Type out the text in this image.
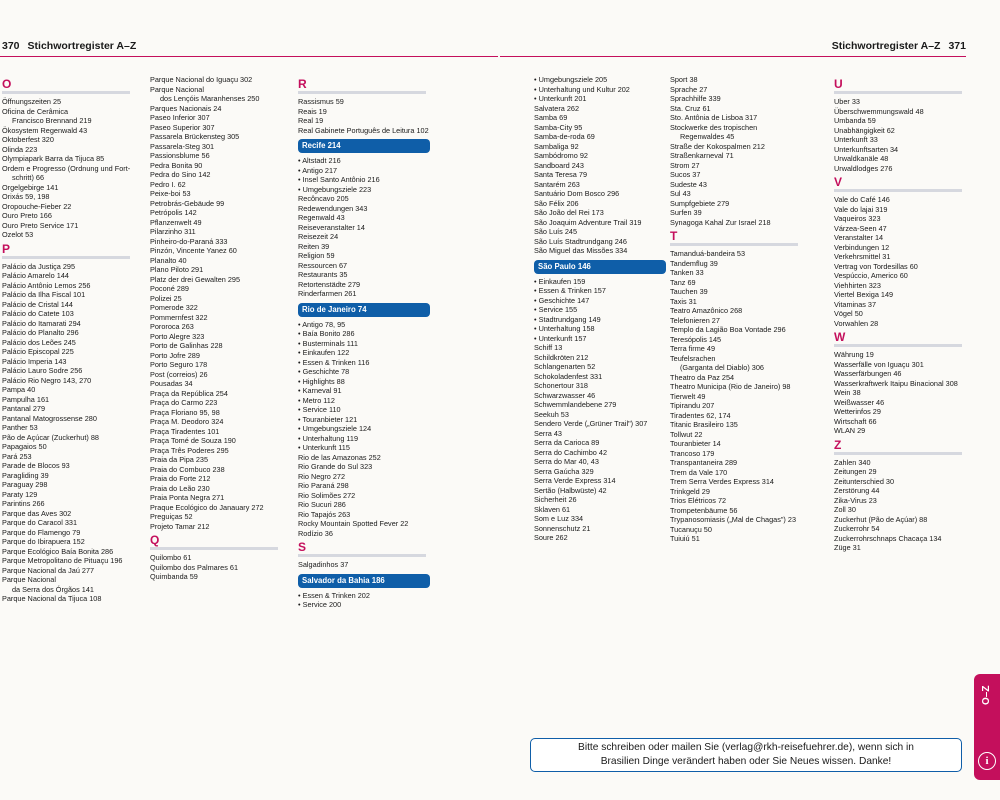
370 Stichwortregister A–Z
O
Öffnungszeiten 25
Oficina de Cerâmica
Francisco Brennand 219
Ökosystem Regenwald 43
Oktoberfest 320
Olinda 223
Olympiapark Barra da Tijuca 85
Ordem e Progresso (Ordnung und Fort-
schritt) 66
Orgelgebirge 141
Orixás 59, 198
Oropouche-Fieber 22
Ouro Preto 166
Ouro Preto Service 171
Ozelot 53
P
Palácio da Justiça 295
Palácio Amarelo 144
Palácio Antônio Lemos 256
Palácio da Ilha Fiscal 101
Palácio de Cristal 144
Palácio do Catete 103
Palácio do Itamarati 294
Palácio do Planalto 296
Palácio dos Leões 245
Palácio Episcopal 225
Palácio Imperia 143
Palácio Lauro Sodre 256
Palácio Rio Negro 143, 270
Pampa 40
Pampulha 161
Pantanal 279
Pantanal Matogrossense 280
Panther 53
Pão de Açúcar (Zuckerhut) 88
Papagaios 50
Pará 253
Parade de Blocos 93
Paragliding 39
Paraguay 298
Paraty 129
Parintins 266
Parque das Aves 302
Parque do Caracol 331
Parque do Flamengo 79
Parque do Ibirapuera 152
Parque Ecológico Baía Bonita 286
Parque Metropolitano de Pituaçu 196
Parque Nacional da Jaú 277
Parque Nacional
da Serra dos Órgãos 141
Parque Nacional da Tijuca 108
Parque Nacional do Iguaçu 302
Parque Nacional
dos Lençóis Maranhenses 250
Parques Nacionais 24
Paseo Inferior 307
Paseo Superior 307
Passarela Brückensteg 305
Passarela-Steg 301
Passionsblume 56
Pedra Bonita 90
Pedra do Sino 142
Pedro I. 62
Peixe-boi 53
Petrobrás-Gebäude 99
Petrópolis 142
Pflanzenwelt 49
Pilarzinho 311
Pinheiro-do-Paraná 333
Pinzón, Vincente Yanez 60
Planalto 40
Plano Piloto 291
Platz der drei Gewalten 295
Poconé 289
Polizei 25
Pomerode 322
Pommernfest 322
Pororoca 263
Porto Alegre 323
Porto de Galinhas 228
Porto Jofre 289
Porto Seguro 178
Post (correios) 26
Pousadas 34
Praça da República 254
Praça do Carmo 223
Praça Floriano 95, 98
Praça M. Deodoro 324
Praça Tiradentes 101
Praça Tomé de Souza 190
Praça Três Poderes 295
Praia da Pipa 235
Praia do Combuco 238
Praia do Forte 212
Praia do Leão 230
Praia Ponta Negra 271
Praque Ecológico do Janauary 272
Preguiças 52
Projeto Tamar 212
Q
Quilombo 61
Quilombo dos Palmares 61
Quimbanda 59
R
Rassismus 59
Reais 19
Real 19
Real Gabinete Português de Leitura 102
Recife 214
• Altstadt 216
• Antigo 217
• Insel Santo Antônio 216
• Umgebungsziele 223
Recôncavo 205
Redewendungen 343
Regenwald 43
Reiseveranstalter 14
Reisezeit 24
Reiten 39
Religion 59
Ressourcen 67
Restaurants 35
Retortenstädte 279
Rinderfarmen 261
Rio de Janeiro 74
• Antigo 78, 95
• Baía Bonito 286
• Busterminals 111
• Einkaufen 122
• Essen & Trinken 116
• Geschichte 78
• Highlights 88
• Karneval 91
• Metro 112
• Service 110
• Touranbieter 121
• Umgebungsziele 124
• Unterhaltung 119
• Unterkunft 115
Rio de las Amazonas 252
Rio Grande do Sul 323
Rio Negro 272
Rio Paraná 298
Rio Solimões 272
Rio Sucuri 286
Rio Tapajós 263
Rocky Mountain Spotted Fever 22
Rodízio 36
S
Salgadinhos 37
Salvador da Bahia 186
• Essen & Trinken 202
• Service 200
Stichwortregister A–Z 371
• Umgebungsziele 205
• Unterhaltung und Kultur 202
• Unterkunft 201
Salvatera 262
Samba 69
Samba-City 95
Samba-de-roda 69
Sambaliga 92
Sambódromo 92
Sandboard 243
Santa Teresa 79
Santarém 263
Santuário Dom Bosco 296
São Félix 206
São João del Rei 173
São Joaquim Adventure Trail 319
São Luís 245
São Luís Stadtrundgang 246
São Miguel das Missões 334
São Paulo 146
• Einkaufen 159
• Essen & Trinken 157
• Geschichte 147
• Service 155
• Stadtrundgang 149
• Unterhaltung 158
• Unterkunft 157
Schiff 13
Schildkröten 212
Schlangenarten 52
Schokoladenfest 331
Schonertour 318
Schwarzwasser 46
Schwemmlandebene 279
Seekuh 53
Sendero Verde („Grüner Trail") 307
Serra 43
Serra da Carioca 89
Serra do Cachimbo 42
Serra do Mar 40, 43
Serra Gaúcha 329
Serra Verde Express 314
Sertão (Halbwüste) 42
Sicherheit 26
Sklaven 61
Som e Luz 334
Sonnenschutz 21
Soure 262
Sport 38
Sprache 27
Sprachhilfe 339
Sta. Cruz 61
Sto. Antônia de Lisboa 317
Stockwerke des tropischen
Regenwaldes 45
Straße der Kokospalmen 212
Straßenkarneval 71
Strom 27
Sucos 37
Sudeste 43
Sul 43
Sumpfgebiete 279
Surfen 39
Synagoga Kahal Zur Israel 218
T
Tamanduá-bandeira 53
Tandemflug 39
Tanken 33
Tanz 69
Tauchen 39
Taxis 31
Teatro Amazônico 268
Telefonieren 27
Templo da Lagião Boa Vontade 296
Teresópolis 145
Terra firme 49
Teufelsrachen
(Garganta del Diablo) 306
Theatro da Paz 254
Theatro Municipa (Rio de Janeiro) 98
Tierwelt 49
Tipirandu 207
Tiradentes 62, 174
Titanic Brasileiro 135
Tollwut 22
Touranbieter 14
Trancoso 179
Transpantaneira 289
Trem da Vale 170
Trem Serra Verdes Express 314
Trinkgeld 29
Trios Elétricos 72
Trompetenbäume 56
Trypanosomiasis („Mal de Chagas") 23
Tucanuçu 50
Tuiuiú 51
U
Uber 33
Überschwemmungswald 48
Umbanda 59
Unabhängigkeit 62
Unterkunft 33
Unterkunftsarten 34
Urwaldkanäle 48
Urwaldlodges 276
V
Vale do Café 146
Vale do lajai 319
Vaqueiros 323
Várzea-Seen 47
Veranstalter 14
Verbindungen 12
Verkehrsmittel 31
Vertrag von Tordesillas 60
Vespúccio, Americo 60
Viehhirten 323
Viertel Bexiga 149
Vitaminas 37
Vögel 50
Vorwahlen 28
W
Währung 19
Wasserfälle von Iguaçu 301
Wasserfärbungen 46
Wasserkraftwerk Itaipu Binacional 308
Wein 38
Weißwasser 46
Wetterinfos 29
Wirtschaft 66
WLAN 29
Z
Zahlen 340
Zeitungen 29
Zeitunterschied 30
Zerstörung 44
Zika-Virus 23
Zoll 30
Zuckerhut (Pão de Açúar) 88
Zuckerrohr 54
Zuckerrohrschnaps Chacaça 134
Züge 31
Bitte schreiben oder mailen Sie (verlag@rkh-reisefuehrer.de), wenn sich in
Brasilien Dinge verändert haben oder Sie Neues wissen. Danke!
O–Z
i
